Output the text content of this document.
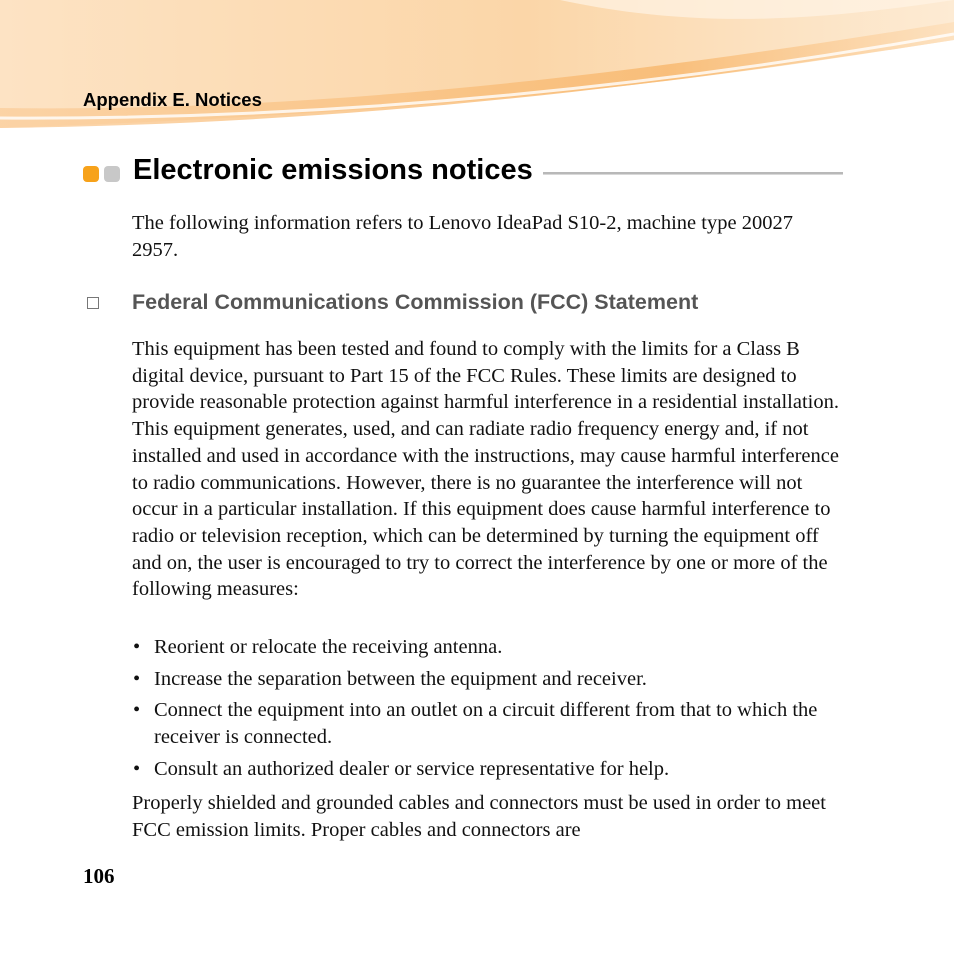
Appendix E. Notices
Electronic emissions notices
The following information refers to Lenovo IdeaPad S10-2, machine type 20027 2957.
Federal Communications Commission (FCC) Statement
This equipment has been tested and found to comply with the limits for a Class B digital device, pursuant to Part 15 of the FCC Rules. These limits are designed to provide reasonable protection against harmful interference in a residential installation. This equipment generates, used, and can radiate radio frequency energy and, if not installed and used in accordance with the instructions, may cause harmful interference to radio communications. However, there is no guarantee the interference will not occur in a particular installation. If this equipment does cause harmful interference to radio or television reception, which can be determined by turning the equipment off and on, the user is encouraged to try to correct the interference by one or more of the following measures:
• Reorient or relocate the receiving antenna.
• Increase the separation between the equipment and receiver.
• Connect the equipment into an outlet on a circuit different from that to which the receiver is connected.
• Consult an authorized dealer or service representative for help.
Properly shielded and grounded cables and connectors must be used in order to meet FCC emission limits. Proper cables and connectors are
106
